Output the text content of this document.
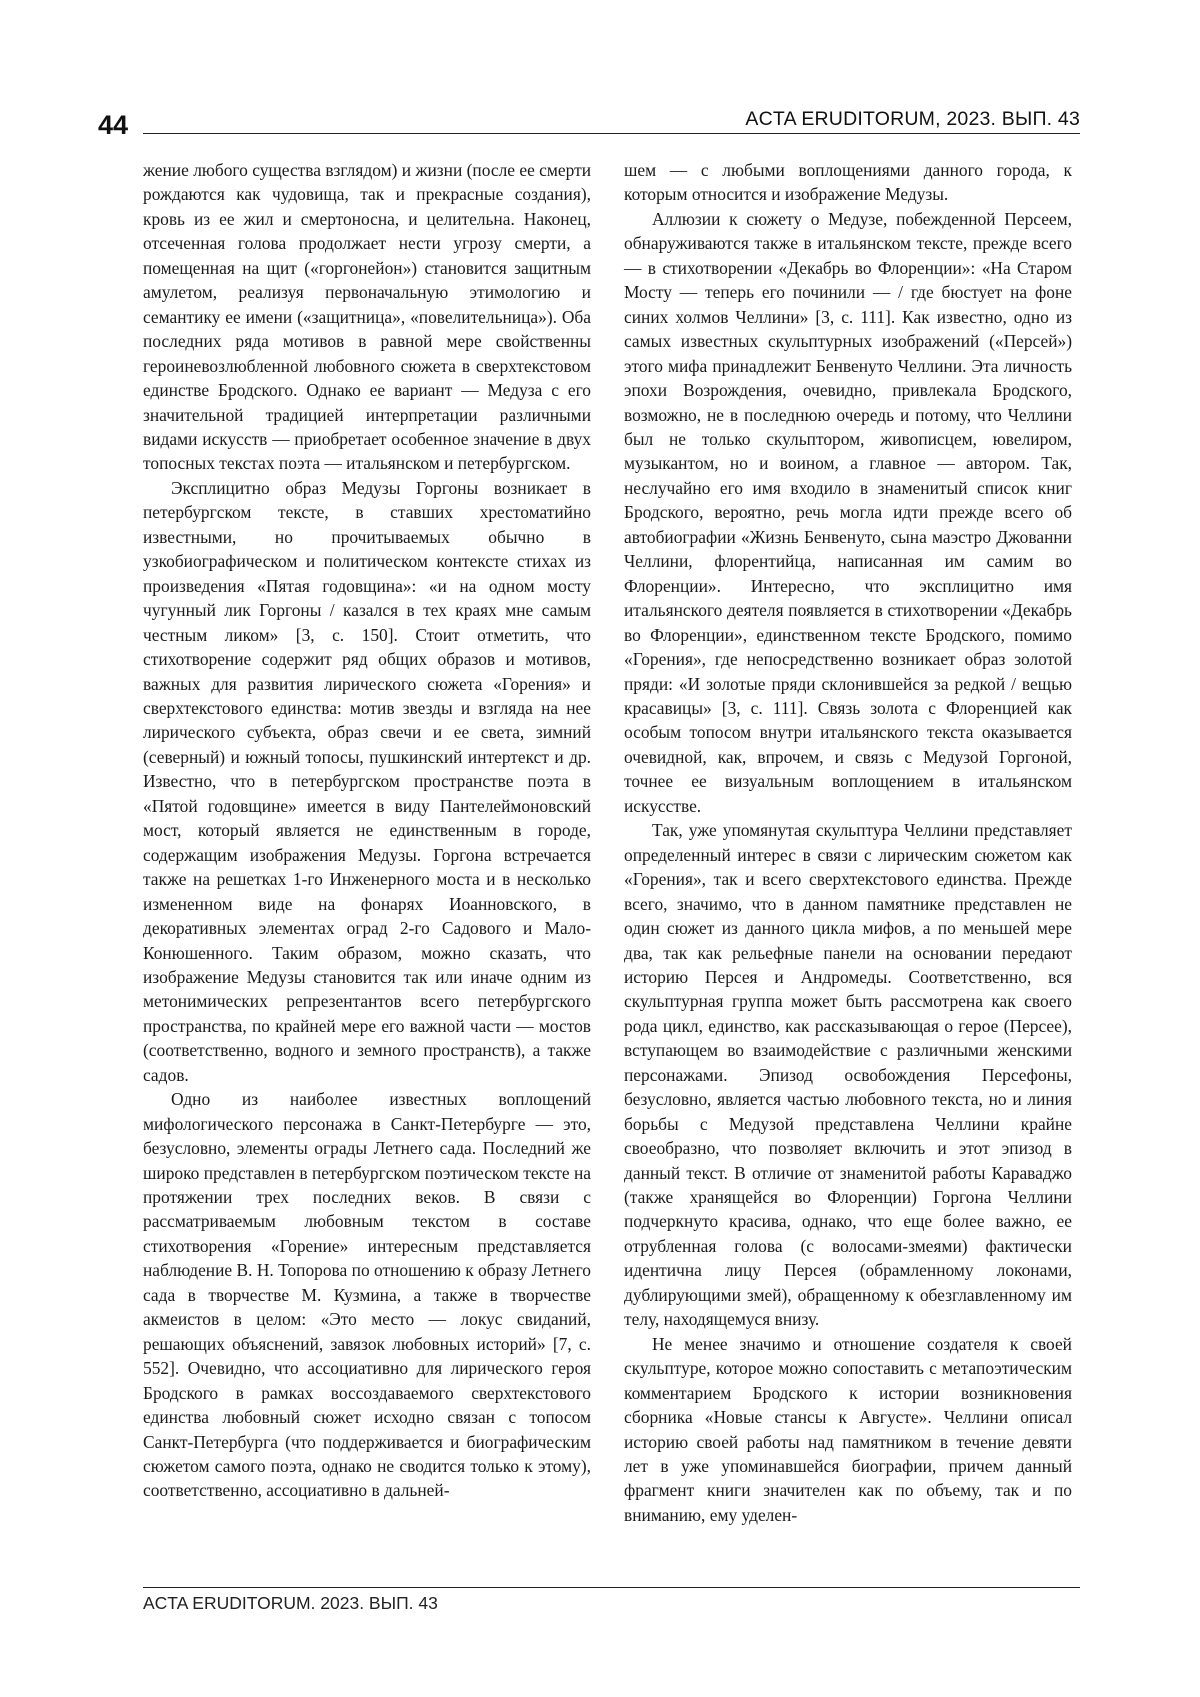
44	ACTA ERUDITORUM, 2023. ВЫП. 43

жение любого существа взглядом) и жизни (после ее смерти рождаются как чудовища, так и прекрасные создания), кровь из ее жил и смертоносна, и целительна. Наконец, отсеченная голова продолжает нести угрозу смерти, а помещенная на щит («горгонейон») становится защитным амулетом, реализуя первоначальную этимологию и семантику ее имени («защитница», «повелительница»). Оба последних ряда мотивов в равной мере свойственны героиневозлюбленной любовного сюжета в сверхтекстовом единстве Бродского. Однако ее вариант — Медуза с его значительной традицией интерпретации различными видами искусств — приобретает особенное значение в двух топосных текстах поэта — итальянском и петербургском.

Эксплицитно образ Медузы Горгоны возникает в петербургском тексте, в ставших хрестоматийно известными, но прочитываемых обычно в узкобиографическом и политическом контексте стихах из произведения «Пятая годовщина»: «и на одном мосту чугунный лик Горгоны / казался в тех краях мне самым честным ликом» [3, с. 150]. Стоит отметить, что стихотворение содержит ряд общих образов и мотивов, важных для развития лирического сюжета «Горения» и сверхтекстового единства: мотив звезды и взгляда на нее лирического субъекта, образ свечи и ее света, зимний (северный) и южный топосы, пушкинский интертекст и др. Известно, что в петербургском пространстве поэта в «Пятой годовщине» имеется в виду Пантелеймоновский мост, который является не единственным в городе, содержащим изображения Медузы. Горгона встречается также на решетках 1-го Инженерного моста и в несколько измененном виде на фонарях Иоанновского, в декоративных элементах оград 2-го Садового и Мало-Конюшенного. Таким образом, можно сказать, что изображение Медузы становится так или иначе одним из метонимических репрезентантов всего петербургского пространства, по крайней мере его важной части — мостов (соответственно, водного и земного пространств), а также садов.

Одно из наиболее известных воплощений мифологического персонажа в Санкт-Петербурге — это, безусловно, элементы ограды Летнего сада. Последний же широко представлен в петербургском поэтическом тексте на протяжении трех последних веков. В связи с рассматриваемым любовным текстом в составе стихотворения «Горение» интересным представляется наблюдение В. Н. Топорова по отношению к образу Летнего сада в творчестве М. Кузмина, а также в творчестве акмеистов в целом: «Это место — локус свиданий, решающих объяснений, завязок любовных историй» [7, с. 552]. Очевидно, что ассоциативно для лирического героя Бродского в рамках воссоздаваемого сверхтекстового единства любовный сюжет исходно связан с топосом Санкт-Петербурга (что поддерживается и биографическим сюжетом самого поэта, однако не сводится только к этому), соответственно, ассоциативно в дальней-

шем — с любыми воплощениями данного города, к которым относится и изображение Медузы.

Аллюзии к сюжету о Медузе, побежденной Персеем, обнаруживаются также в итальянском тексте, прежде всего — в стихотворении «Декабрь во Флоренции»: «На Старом Мосту — теперь его починили — / где бюстует на фоне синих холмов Челлини» [3, с. 111]. Как известно, одно из самых известных скульптурных изображений («Персей») этого мифа принадлежит Бенвенуто Челлини. Эта личность эпохи Возрождения, очевидно, привлекала Бродского, возможно, не в последнюю очередь и потому, что Челлини был не только скульптором, живописцем, ювелиром, музыкантом, но и воином, а главное — автором. Так, неслучайно его имя входило в знаменитый список книг Бродского, вероятно, речь могла идти прежде всего об автобиографии «Жизнь Бенвенуто, сына маэстро Джованни Челлини, флорентийца, написанная им самим во Флоренции». Интересно, что эксплицитно имя итальянского деятеля появляется в стихотворении «Декабрь во Флоренции», единственном тексте Бродского, помимо «Горения», где непосредственно возникает образ золотой пряди: «И золотые пряди склонившейся за редкой / вещью красавицы» [3, с. 111]. Связь золота с Флоренцией как особым топосом внутри итальянского текста оказывается очевидной, как, впрочем, и связь с Медузой Горгоной, точнее ее визуальным воплощением в итальянском искусстве.

Так, уже упомянутая скульптура Челлини представляет определенный интерес в связи с лирическим сюжетом как «Горения», так и всего сверхтекстового единства. Прежде всего, значимо, что в данном памятнике представлен не один сюжет из данного цикла мифов, а по меньшей мере два, так как рельефные панели на основании передают историю Персея и Андромеды. Соответственно, вся скульптурная группа может быть рассмотрена как своего рода цикл, единство, как рассказывающая о герое (Персее), вступающем во взаимодействие с различными женскими персонажами. Эпизод освобождения Персефоны, безусловно, является частью любовного текста, но и линия борьбы с Медузой представлена Челлини крайне своеобразно, что позволяет включить и этот эпизод в данный текст. В отличие от знаменитой работы Караваджо (также хранящейся во Флоренции) Горгона Челлини подчеркнуто красива, однако, что еще более важно, ее отрубленная голова (с волосами-змеями) фактически идентична лицу Персея (обрамленному локонами, дублирующими змей), обращенному к обезглавленному им телу, находящемуся внизу.

Не менее значимо и отношение создателя к своей скульптуре, которое можно сопоставить с метапоэтическим комментарием Бродского к истории возникновения сборника «Новые стансы к Августе». Челлини описал историю своей работы над памятником в течение девяти лет в уже упоминавшейся биографии, причем данный фрагмент книги значителен как по объему, так и по вниманию, ему уделен-

ACTA ERUDITORUM. 2023. ВЫП. 43
